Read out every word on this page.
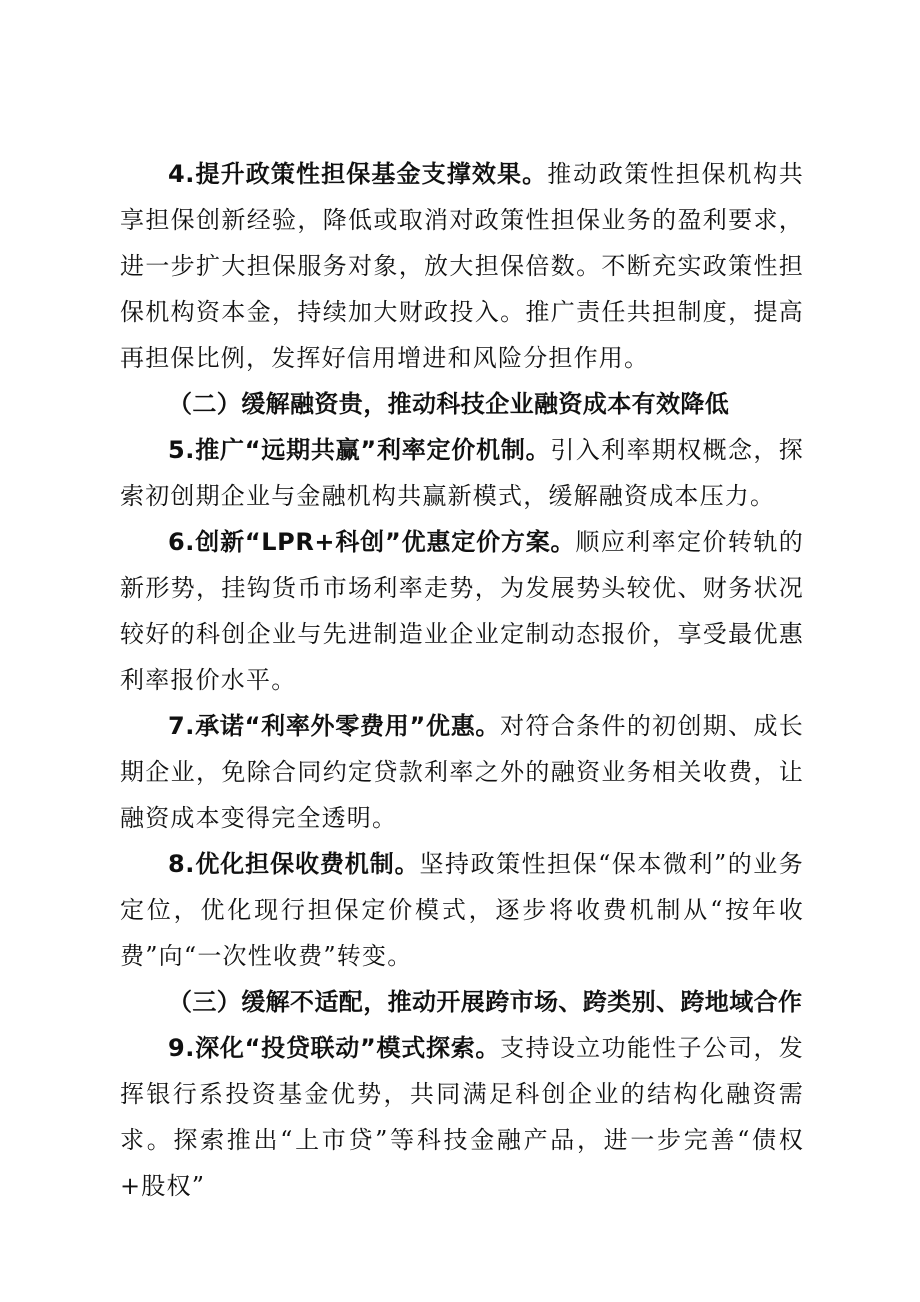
4.提升政策性担保基金支撑效果。推动政策性担保机构共享担保创新经验，降低或取消对政策性担保业务的盈利要求，进一步扩大担保服务对象，放大担保倍数。不断充实政策性担保机构资本金，持续加大财政投入。推广责任共担制度，提高再担保比例，发挥好信用增进和风险分担作用。

（二）缓解融资贵，推动科技企业融资成本有效降低

5.推广“远期共赢”利率定价机制。引入利率期权概念，探索初创期企业与金融机构共赢新模式，缓解融资成本压力。

6.创新“LPR+科创”优惠定价方案。顺应利率定价转轨的新形势，挂钩货币市场利率走势，为发展势头较优、财务状况较好的科创企业与先进制造业企业定制动态报价，享受最优惠利率报价水平。

7.承诺“利率外零费用”优惠。对符合条件的初创期、成长期企业，免除合同约定贷款利率之外的融资业务相关收费，让融资成本变得完全透明。

8.优化担保收费机制。坚持政策性担保“保本微利”的业务定位，优化现行担保定价模式，逐步将收费机制从“按年收费”向“一次性收费”转变。

（三）缓解不适配，推动开展跨市场、跨类别、跨地域合作

9.深化“投贷联动”模式探索。支持设立功能性子公司，发挥银行系投资基金优势，共同满足科创企业的结构化融资需求。探索推出“上市贷”等科技金融产品，进一步完善“债权+股权”
